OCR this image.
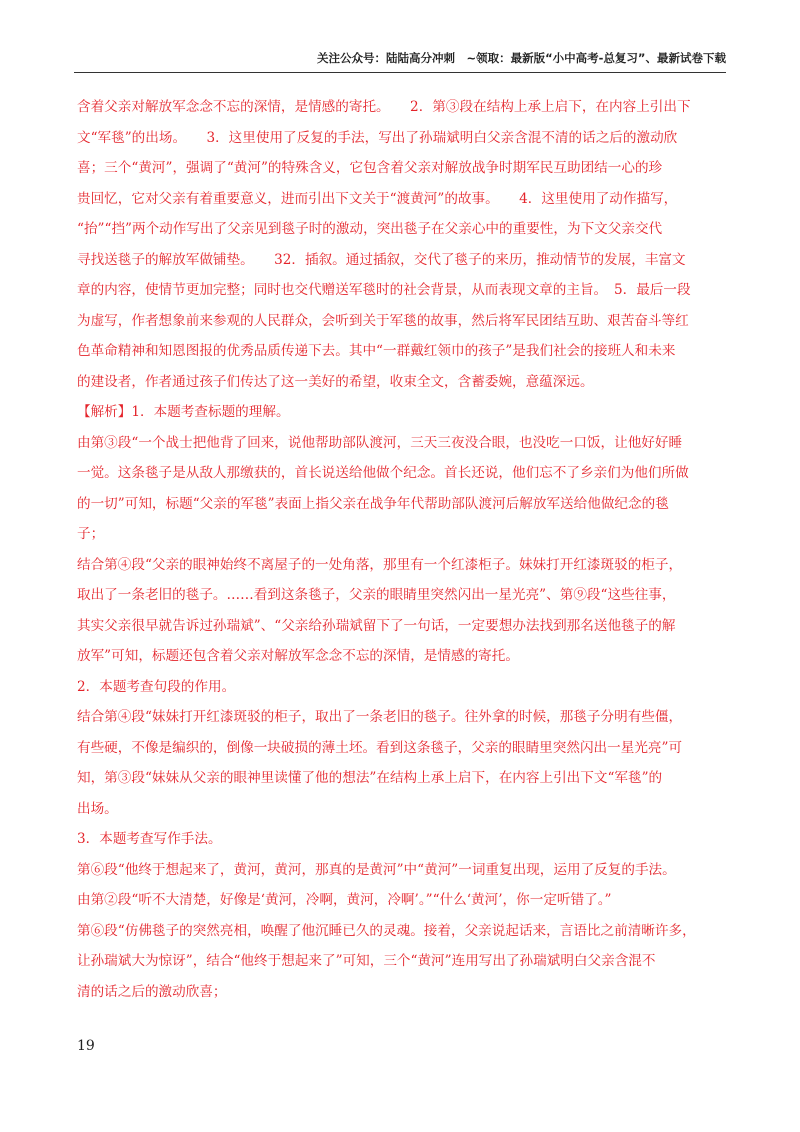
关注公众号：陆陆高分冲刺　~领取：最新版“小中高考-总复习”、最新试卷下载
含着父亲对解放军念念不忘的深情，是情感的寄托。　　2．第③段在结构上承上启下，在内容上引出下
文“军毯”的出场。　　3．这里使用了反复的手法，写出了孙瑞斌明白父亲含混不清的话之后的激动欣
喜；三个“黄河”，强调了“黄河”的特殊含义，它包含着父亲对解放战争时期军民互助团结一心的珍
贵回忆，它对父亲有着重要意义，进而引出下文关于“渡黄河”的故事。　　4．这里使用了动作描写，
“抬”“挡”两个动作写出了父亲见到毯子时的激动，突出毯子在父亲心中的重要性，为下文父亲交代
寻找送毯子的解放军做铺垫。　　32．插叙。通过插叙，交代了毯子的来历，推动情节的发展，丰富文
章的内容，使情节更加完整；同时也交代赠送军毯时的社会背景，从而表现文章的主旨。　5．最后一段
为虚写，作者想象前来参观的人民群众，会听到关于军毯的故事，然后将军民团结互助、艰苦奋斗等红
色革命精神和知恩图报的优秀品质传递下去。其中“一群戴红领巾的孩子”是我们社会的接班人和未来
的建设者，作者通过孩子们传达了这一美好的希望，收束全文，含蓄委婉，意蕴深远。
【解析】1．本题考查标题的理解。
由第③段“一个战士把他背了回来，说他帮助部队渡河，三天三夜没合眼，也没吃一口饭，让他好好睡
一觉。这条毯子是从敌人那缴获的，首长说送给他做个纪念。首长还说，他们忘不了乡亲们为他们所做
的一切”可知，标题“父亲的军毯”表面上指父亲在战争年代帮助部队渡河后解放军送给他做纪念的毯
子；
结合第④段“父亲的眼神始终不离屋子的一处角落，那里有一个红漆柜子。妹妹打开红漆斑驳的柜子，
取出了一条老旧的毯子。……看到这条毯子，父亲的眼睛里突然闪出一星光亮”、第⑨段“这些往事，
其实父亲很早就告诉过孙瑞斌”、“父亲给孙瑞斌留下了一句话，一定要想办法找到那名送他毯子的解
放军”可知，标题还包含着父亲对解放军念念不忘的深情，是情感的寄托。
2．本题考查句段的作用。
结合第④段“妹妹打开红漆斑驳的柜子，取出了一条老旧的毯子。往外拿的时候，那毯子分明有些僵，
有些硬，不像是编织的，倒像一块破损的薄土坯。看到这条毯子，父亲的眼睛里突然闪出一星光亮”可
知，第③段“妹妹从父亲的眼神里读懂了他的想法”在结构上承上启下，在内容上引出下文“军毯”的
出场。
3．本题考查写作手法。
第⑥段“他终于想起来了，黄河，黄河，那真的是黄河”中“黄河”一词重复出现，运用了反复的手法。
由第②段“听不大清楚，好像是‘黄河，冷啊，黄河，冷啊’。”“什么‘黄河’，你一定听错了。”
第⑥段“仿佛毯子的突然亮相，唤醒了他沉睡已久的灵魂。接着，父亲说起话来，言语比之前清晰许多，
让孙瑞斌大为惊讶”，结合“他终于想起来了”可知，三个“黄河”连用写出了孙瑞斌明白父亲含混不
清的话之后的激动欣喜；
19
